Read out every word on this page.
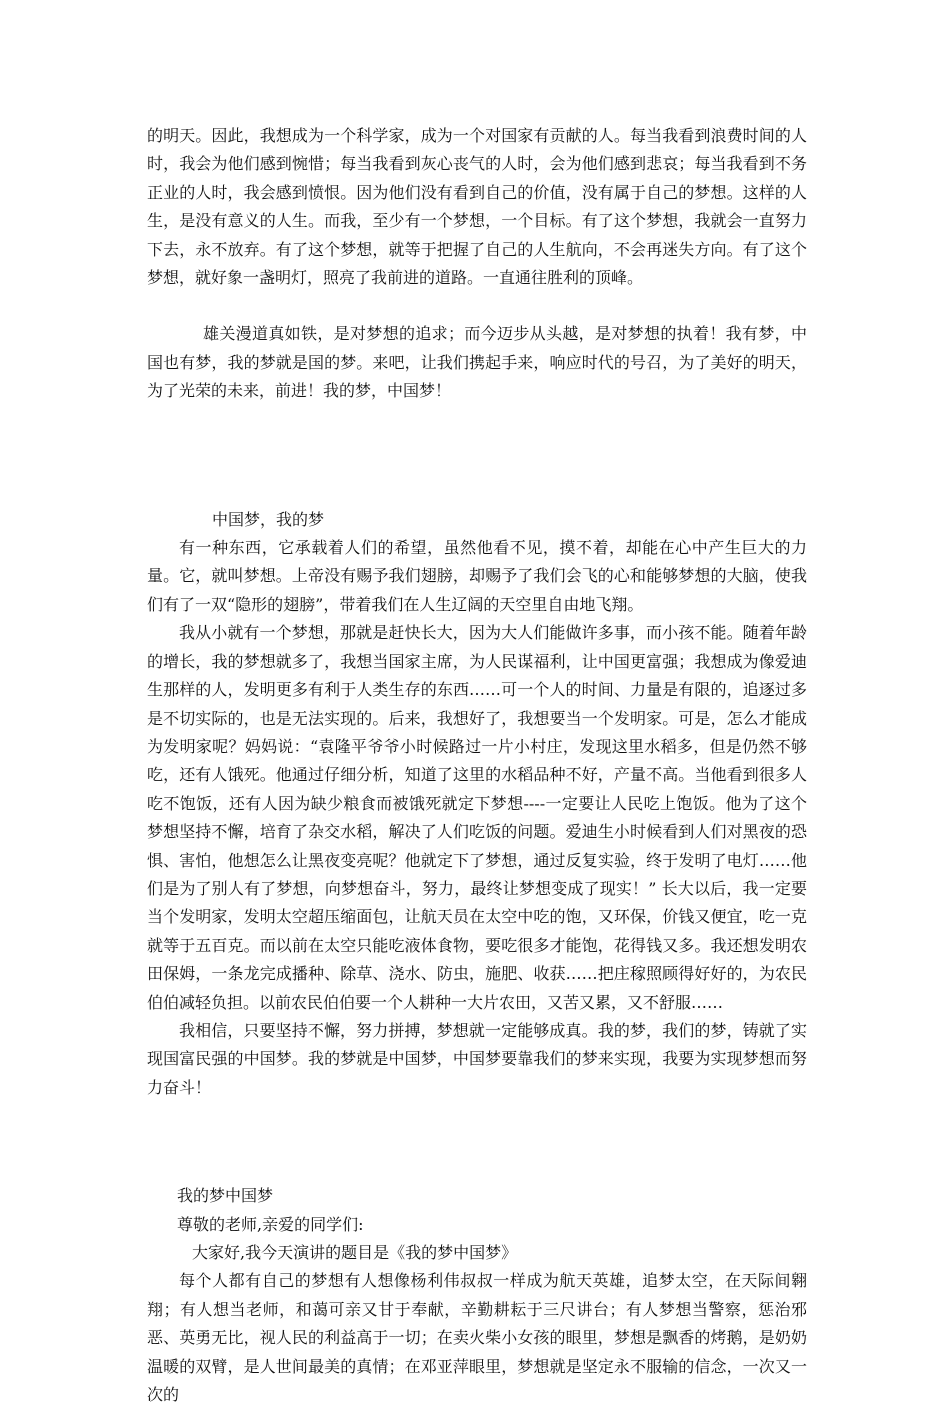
的明天。因此，我想成为一个科学家，成为一个对国家有贡献的人。每当我看到浪费时间的人时，我会为他们感到惋惜；每当我看到灰心丧气的人时，会为他们感到悲哀；每当我看到不务正业的人时，我会感到愤恨。因为他们没有看到自己的价值，没有属于自己的梦想。这样的人生，是没有意义的人生。而我，至少有一个梦想，一个目标。有了这个梦想，我就会一直努力下去，永不放弃。有了这个梦想，就等于把握了自己的人生航向，不会再迷失方向。有了这个梦想，就好象一盏明灯，照亮了我前进的道路。一直通往胜利的顶峰。

雄关漫道真如铁，是对梦想的追求；而今迈步从头越，是对梦想的执着！我有梦，中国也有梦，我的梦就是国的梦。来吧，让我们携起手来，响应时代的号召，为了美好的明天，为了光荣的未来，前进！我的梦，中国梦！

中国梦，我的梦

有一种东西，它承载着人们的希望，虽然他看不见，摸不着，却能在心中产生巨大的力量。它，就叫梦想。上帝没有赐予我们翅膀，却赐予了我们会飞的心和能够梦想的大脑，使我们有了一双“隐形的翅膀”，带着我们在人生辽阔的天空里自由地飞翔。

我从小就有一个梦想，那就是赶快长大，因为大人们能做许多事，而小孩不能。随着年龄的增长，我的梦想就多了，我想当国家主席，为人民谋福利，让中国更富强；我想成为像爱迪生那样的人，发明更多有利于人类生存的东西……可一个人的时间、力量是有限的，追逐过多是不切实际的，也是无法实现的。后来，我想好了，我想要当一个发明家。可是，怎么才能成为发明家呢？妈妈说：“袁隆平爷爷小时候路过一片小村庄，发现这里水稻多，但是仍然不够吃，还有人饿死。他通过仔细分析，知道了这里的水稻品种不好，产量不高。当他看到很多人吃不饱饭，还有人因为缺少粮食而被饿死就定下梦想----一定要让人民吃上饱饭。他为了这个梦想坚持不懈，培育了杂交水稻，解决了人们吃饭的问题。爱迪生小时候看到人们对黑夜的恐惧、害怕，他想怎么让黑夜变亮呢？他就定下了梦想，通过反复实验，终于发明了电灯……他们是为了别人有了梦想，向梦想奋斗，努力，最终让梦想变成了现实！” 长大以后，我一定要当个发明家，发明太空超压缩面包，让航天员在太空中吃的饱，又环保，价钱又便宜，吃一克就等于五百克。而以前在太空只能吃液体食物，要吃很多才能饱，花得钱又多。我还想发明农田保姆，一条龙完成播种、除草、浇水、防虫，施肥、收获……把庄稼照顾得好好的，为农民伯伯减轻负担。以前农民伯伯要一个人耕种一大片农田，又苦又累，又不舒服……

我相信，只要坚持不懈，努力拼搏，梦想就一定能够成真。我的梦，我们的梦，铸就了实现国富民强的中国梦。我的梦就是中国梦，中国梦要靠我们的梦来实现，我要为实现梦想而努力奋斗！

我的梦中国梦

尊敬的老师,亲爱的同学们:

大家好,我今天演讲的题目是《我的梦中国梦》

每个人都有自己的梦想有人想像杨利伟叔叔一样成为航天英雄，追梦太空，在天际间翱翔；有人想当老师，和蔼可亲又甘于奉献，辛勤耕耘于三尺讲台；有人梦想当警察，惩治邪恶、英勇无比，视人民的利益高于一切；在卖火柴小女孩的眼里，梦想是飘香的烤鹅，是奶奶温暖的双臂，是人世间最美的真情；在邓亚萍眼里，梦想就是坚定永不服输的信念，一次又一次的
